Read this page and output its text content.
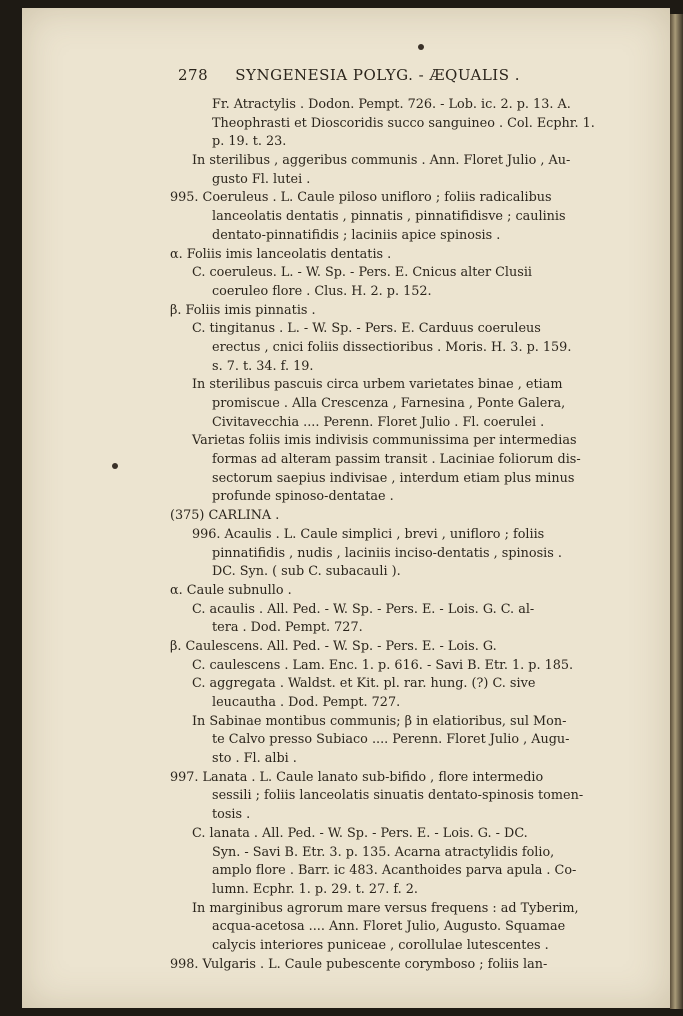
278 SYNGENESIA POLYG. - ÆQUALIS .
Fr. Atractylis . Dodon. Pempt. 726. - Lob. ic. 2. p. 13. A.
Theophrasti et Dioscoridis succo sanguineo . Col. Ecphr. 1.
p. 19. t. 23.
In sterilibus , aggeribus communis . Ann. Floret Julio , Au-
gusto Fl. lutei .
995. Coeruleus . L. Caule piloso unifloro ; foliis radicalibus
lanceolatis dentatis , pinnatis , pinnatifidisve ; caulinis
dentato-pinnatifidis ; laciniis apice spinosis .
α. Foliis imis lanceolatis dentatis .
C. coeruleus. L. - W. Sp. - Pers. E. Cnicus alter Clusii
coeruleo flore . Clus. H. 2. p. 152.
β. Foliis imis pinnatis .
C. tingitanus . L. - W. Sp. - Pers. E. Carduus coeruleus
erectus , cnici foliis dissectioribus . Moris. H. 3. p. 159.
s. 7. t. 34. f. 19.
In sterilibus pascuis circa urbem varietates binae , etiam
promiscue . Alla Crescenza , Farnesina , Ponte Galera,
Civitavecchia .... Perenn. Floret Julio . Fl. coerulei .
Varietas foliis imis indivisis communissima per intermedias
formas ad alteram passim transit . Laciniae foliorum dis-
sectorum saepius indivisae , interdum etiam plus minus
profunde spinoso-dentatae .
(375) CARLINA .
996. Acaulis . L. Caule simplici , brevi , unifloro ; foliis
pinnatifidis , nudis , laciniis inciso-dentatis , spinosis .
DC. Syn. ( sub C. subacauli ).
α. Caule subnullo .
C. acaulis . All. Ped. - W. Sp. - Pers. E. - Lois. G. C. al-
tera . Dod. Pempt. 727.
β. Caulescens. All. Ped. - W. Sp. - Pers. E. - Lois. G.
C. caulescens . Lam. Enc. 1. p. 616. - Savi B. Etr. 1. p. 185.
C. aggregata . Waldst. et Kit. pl. rar. hung. (?) C. sive
leucautha . Dod. Pempt. 727.
In Sabinae montibus communis; β in elatioribus, sul Mon-
te Calvo presso Subiaco .... Perenn. Floret Julio , Augu-
sto . Fl. albi .
997. Lanata . L. Caule lanato sub-bifido , flore intermedio
sessili ; foliis lanceolatis sinuatis dentato-spinosis tomen-
tosis .
C. lanata . All. Ped. - W. Sp. - Pers. E. - Lois. G. - DC.
Syn. - Savi B. Etr. 3. p. 135. Acarna atractylidis folio,
amplo flore . Barr. ic 483. Acanthoides parva apula . Co-
lumn. Ecphr. 1. p. 29. t. 27. f. 2.
In marginibus agrorum mare versus frequens : ad Tyberim,
acqua-acetosa .... Ann. Floret Julio, Augusto. Squamae
calycis interiores puniceae , corollulae lutescentes .
998. Vulgaris . L. Caule pubescente corymboso ; foliis lan-
